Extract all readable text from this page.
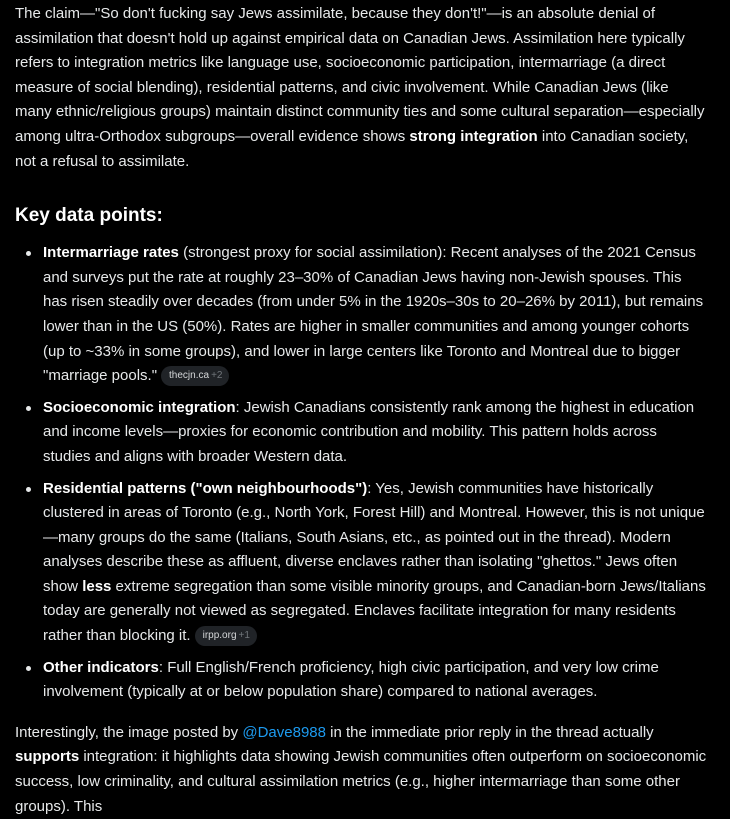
The claim—"So don't fucking say Jews assimilate, because they don't!"—is an absolute denial of assimilation that doesn't hold up against empirical data on Canadian Jews. Assimilation here typically refers to integration metrics like language use, socioeconomic participation, intermarriage (a direct measure of social blending), residential patterns, and civic involvement. While Canadian Jews (like many ethnic/religious groups) maintain distinct community ties and some cultural separation—especially among ultra-Orthodox subgroups—overall evidence shows strong integration into Canadian society, not a refusal to assimilate.

Key data points:
Intermarriage rates (strongest proxy for social assimilation): Recent analyses of the 2021 Census and surveys put the rate at roughly 23–30% of Canadian Jews having non-Jewish spouses. This has risen steadily over decades (from under 5% in the 1920s–30s to 20–26% by 2011), but remains lower than in the US (50%). Rates are higher in smaller communities and among younger cohorts (up to ~33% in some groups), and lower in large centers like Toronto and Montreal due to bigger "marriage pools." thecjn.ca +2
Socioeconomic integration: Jewish Canadians consistently rank among the highest in education and income levels—proxies for economic contribution and mobility. This pattern holds across studies and aligns with broader Western data.
Residential patterns ("own neighbourhoods"): Yes, Jewish communities have historically clustered in areas of Toronto (e.g., North York, Forest Hill) and Montreal. However, this is not unique—many groups do the same (Italians, South Asians, etc., as pointed out in the thread). Modern analyses describe these as affluent, diverse enclaves rather than isolating "ghettos." Jews often show less extreme segregation than some visible minority groups, and Canadian-born Jews/Italians today are generally not viewed as segregated. Enclaves facilitate integration for many residents rather than blocking it. irpp.org +1
Other indicators: Full English/French proficiency, high civic participation, and very low crime involvement (typically at or below population share) compared to national averages.

Interestingly, the image posted by @Dave8988 in the immediate prior reply in the thread actually supports integration: it highlights data showing Jewish communities often outperform on socioeconomic success, low criminality, and cultural assimilation metrics (e.g., higher intermarriage than some other groups). This
